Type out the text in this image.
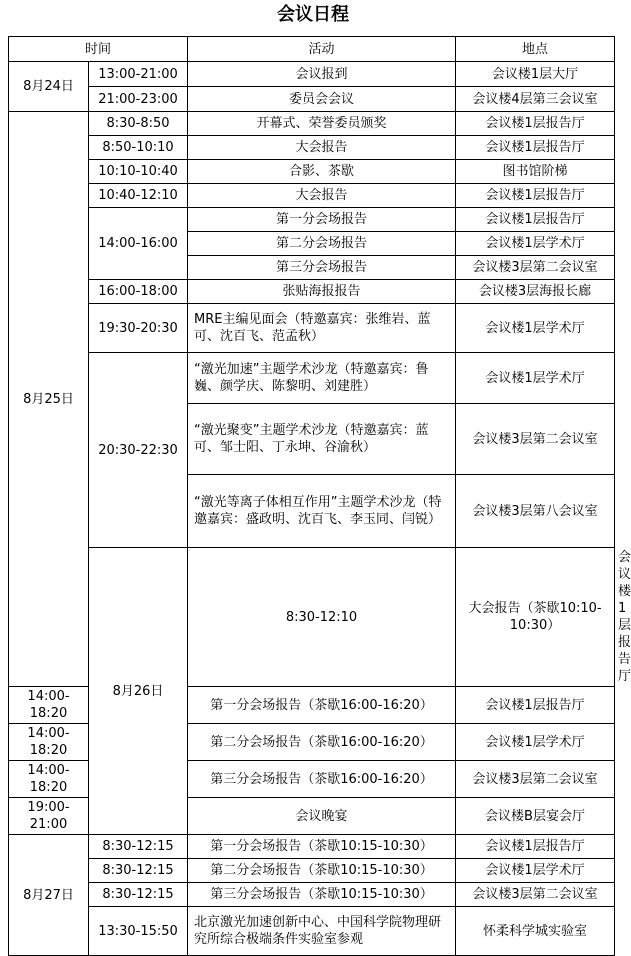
会议日程
时间		活动	地点	
8月24日	13:00-21:00	会议报到	会议楼1层大厅	
	21:00-23:00	委员会会议	会议楼4层第三会议室	
8月25日	8:30-8:50	开幕式、荣誉委员颁奖	会议楼1层报告厅	
	8:50-10:10	大会报告	会议楼1层报告厅	
	10:10-10:40	合影、茶歇	图书馆阶梯	
	10:40-12:10	大会报告	会议楼1层报告厅	
	14:00-16:00	第一分会场报告	会议楼1层报告厅	
		第二分会场报告	会议楼1层学术厅	
		第三分会场报告	会议楼3层第二会议室	
	16:00-18:00	张贴海报报告	会议楼3层海报长廊	
	19:30-20:30	MRE主编见面会（特邀嘉宾：张维岩、蓝可、沈百飞、范孟秋）	会议楼1层学术厅	
	20:30-22:30	“激光加速”主题学术沙龙（特邀嘉宾：鲁巍、颜学庆、陈黎明、刘建胜）	会议楼1层学术厅	
		“激光聚变”主题学术沙龙（特邀嘉宾：蓝可、邹士阳、丁永坤、谷渝秋）	会议楼3层第二会议室	
		“激光等离子体相互作用”主题学术沙龙（特邀嘉宾：盛政明、沈百飞、李玉同、闫锐）	会议楼3层第八会议室	
	8月26日	8:30-12:10	大会报告（茶歇10:10-10:30）	会议楼1层报告厅
14:00-18:20		第一分会场报告（茶歇16:00-16:20）	会议楼1层报告厅	
14:00-18:20		第二分会场报告（茶歇16:00-16:20）	会议楼1层学术厅	
14:00-18:20		第三分会场报告（茶歇16:00-16:20）	会议楼3层第二会议室	
19:00-21:00		会议晚宴	会议楼B层宴会厅	
8月27日	8:30-12:15	第一分会场报告（茶歇10:15-10:30）	会议楼1层报告厅	
	8:30-12:15	第二分会场报告（茶歇10:15-10:30）	会议楼1层学术厅	
	8:30-12:15	第三分会场报告（茶歇10:15-10:30）	会议楼3层第二会议室	
	13:30-15:50	北京激光加速创新中心、中国科学院物理研究所综合极端条件实验室参观	怀柔科学城实验室	
